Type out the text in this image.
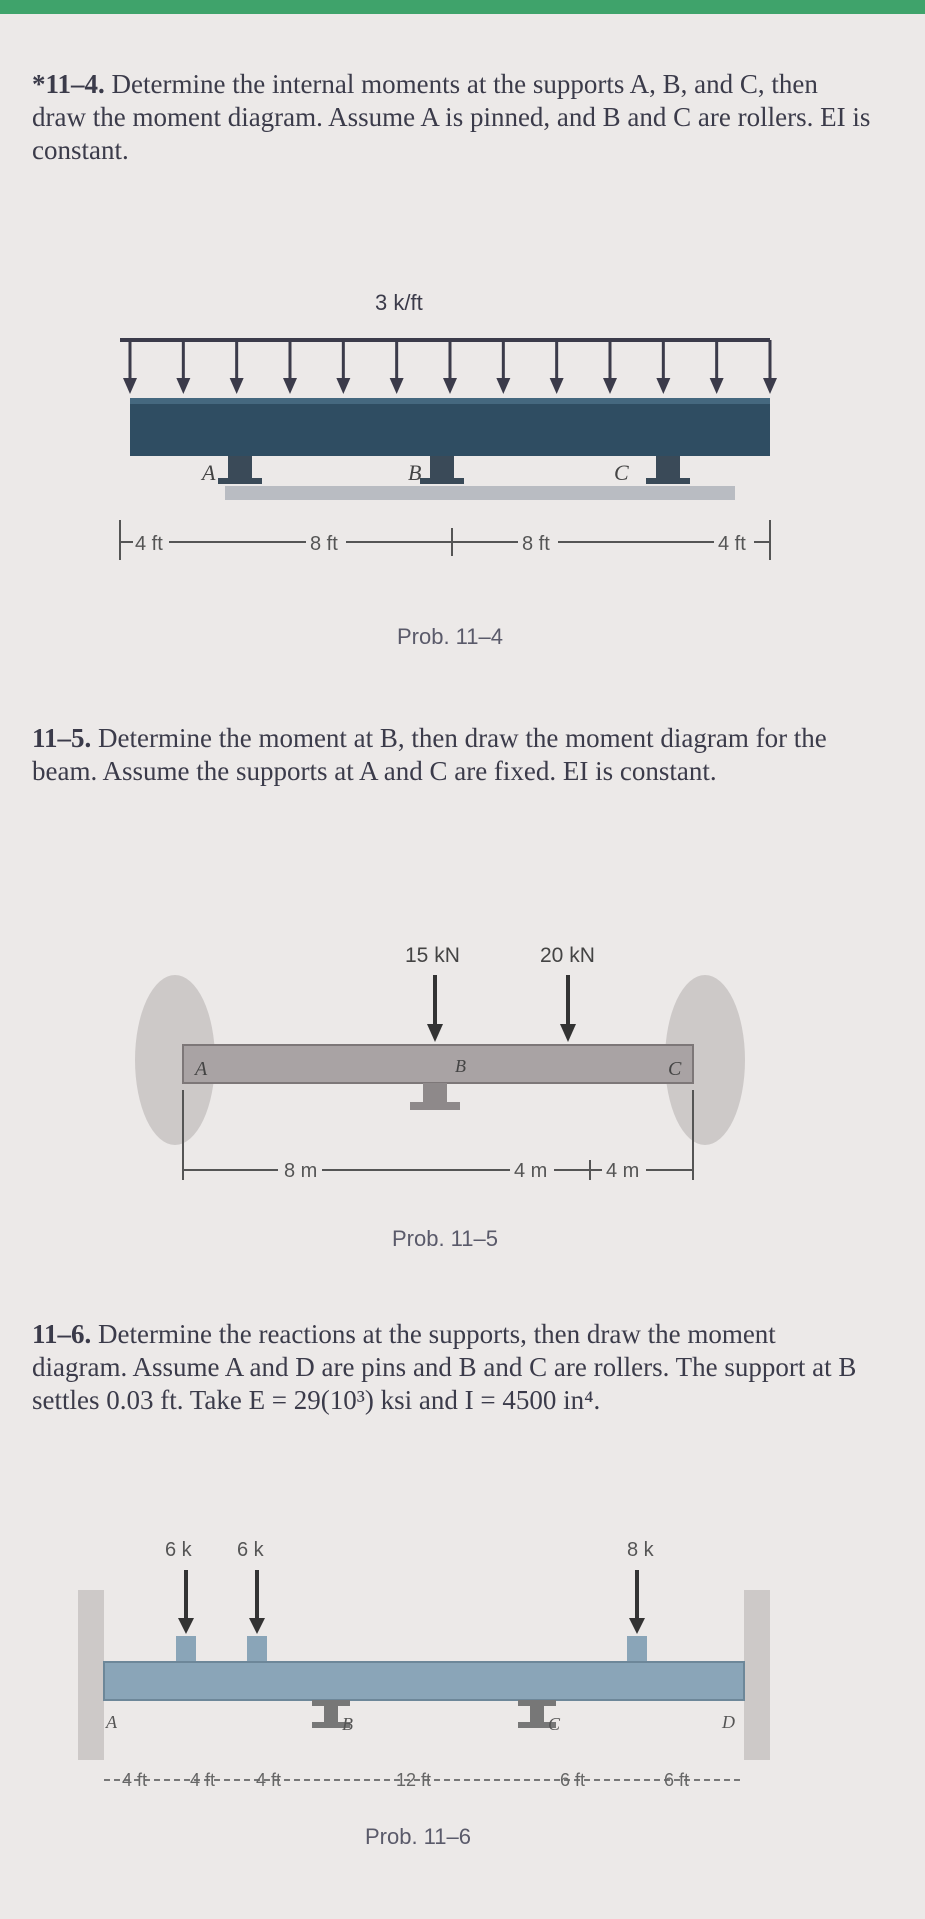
*11–4. Determine the internal moments at the supports A, B, and C, then draw the moment diagram. Assume A is pinned, and B and C are rollers. EI is constant.
3 k/ft
A	B	C
4 ft	8 ft	8 ft	4 ft
Prob. 11–4
11–5. Determine the moment at B, then draw the moment diagram for the beam. Assume the supports at A and C are fixed. EI is constant.
15 kN	20 kN
A	C
B
8 m	4 m	4 m
Prob. 11–5
11–6. Determine the reactions at the supports, then draw the moment diagram. Assume A and D are pins and B and C are rollers. The support at B settles 0.03 ft. Take E = 29(10³) ksi and I = 4500 in⁴.
6 k 6 k	8 k
A	D
B	C
4 ft 4 ft 4 ft	12 ft	6 ft	6 ft
Prob. 11–6
